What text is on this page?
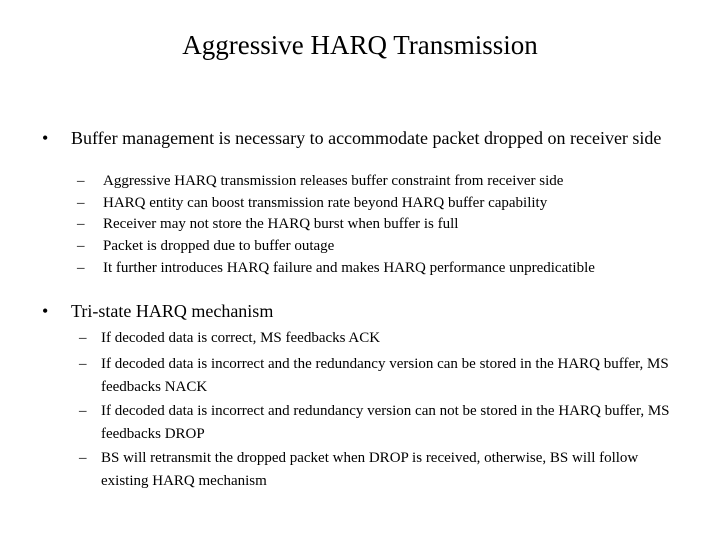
Aggressive HARQ Transmission
• Buffer management is necessary to accommodate packet dropped on receiver side

– Aggressive HARQ transmission releases buffer constraint from receiver side
– HARQ entity can boost transmission rate beyond HARQ buffer capability
– Receiver may not store the HARQ burst when buffer is full
– Packet is dropped due to buffer outage
– It further introduces HARQ failure and makes HARQ performance unpredicatible
• Tri-state HARQ mechanism

– If decoded data is correct, MS feedbacks ACK
– If decoded data is incorrect and the redundancy version can be stored in the HARQ buffer, MS feedbacks NACK
– If decoded data is incorrect and redundancy version can not be stored in the HARQ buffer, MS feedbacks DROP
– BS will retransmit the dropped packet when DROP is received, otherwise, BS will follow existing HARQ mechanism
